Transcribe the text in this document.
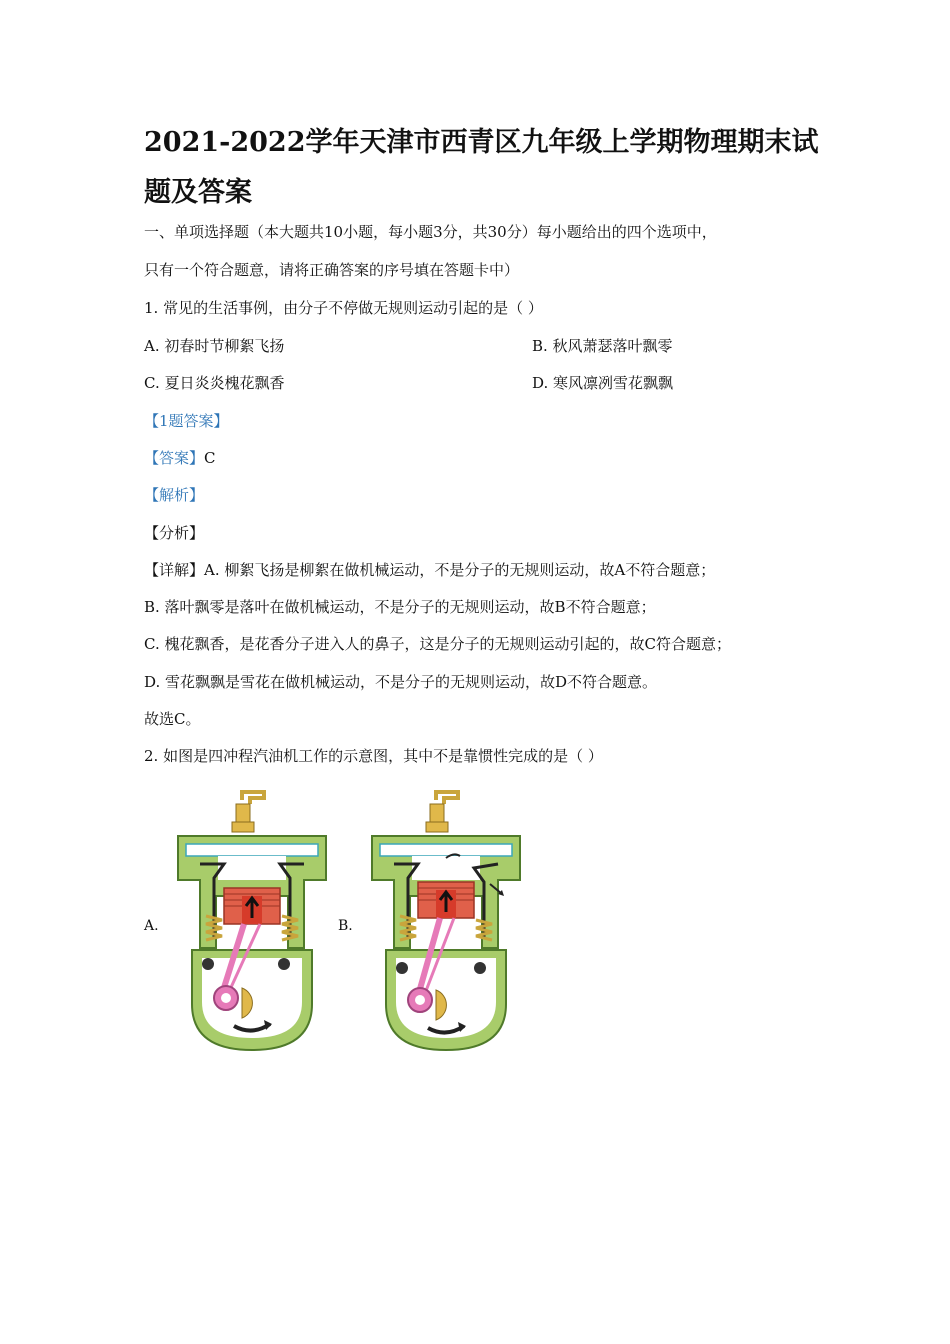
2021-2022学年天津市西青区九年级上学期物理期末试题及答案
一、单项选择题（本大题共10小题，每小题3分，共30分）每小题给出的四个选项中，
只有一个符合题意，请将正确答案的序号填在答题卡中）
1. 常见的生活事例，由分子不停做无规则运动引起的是（ ）
A. 初春时节柳絮飞扬	B. 秋风萧瑟落叶飘零
C. 夏日炎炎槐花飘香	D. 寒风凛冽雪花飘飘
【1题答案】
【答案】C
【解析】
【分析】
【详解】A. 柳絮飞扬是柳絮在做机械运动，不是分子的无规则运动，故A不符合题意；
B. 落叶飘零是落叶在做机械运动，不是分子的无规则运动，故B不符合题意；
C. 槐花飘香，是花香分子进入人的鼻子，这是分子的无规则运动引起的，故C符合题意；
D. 雪花飘飘是雪花在做机械运动，不是分子的无规则运动，故D不符合题意。
故选C。
2. 如图是四冲程汽油机工作的示意图，其中不是靠惯性完成的是（ ）
A.	B.
